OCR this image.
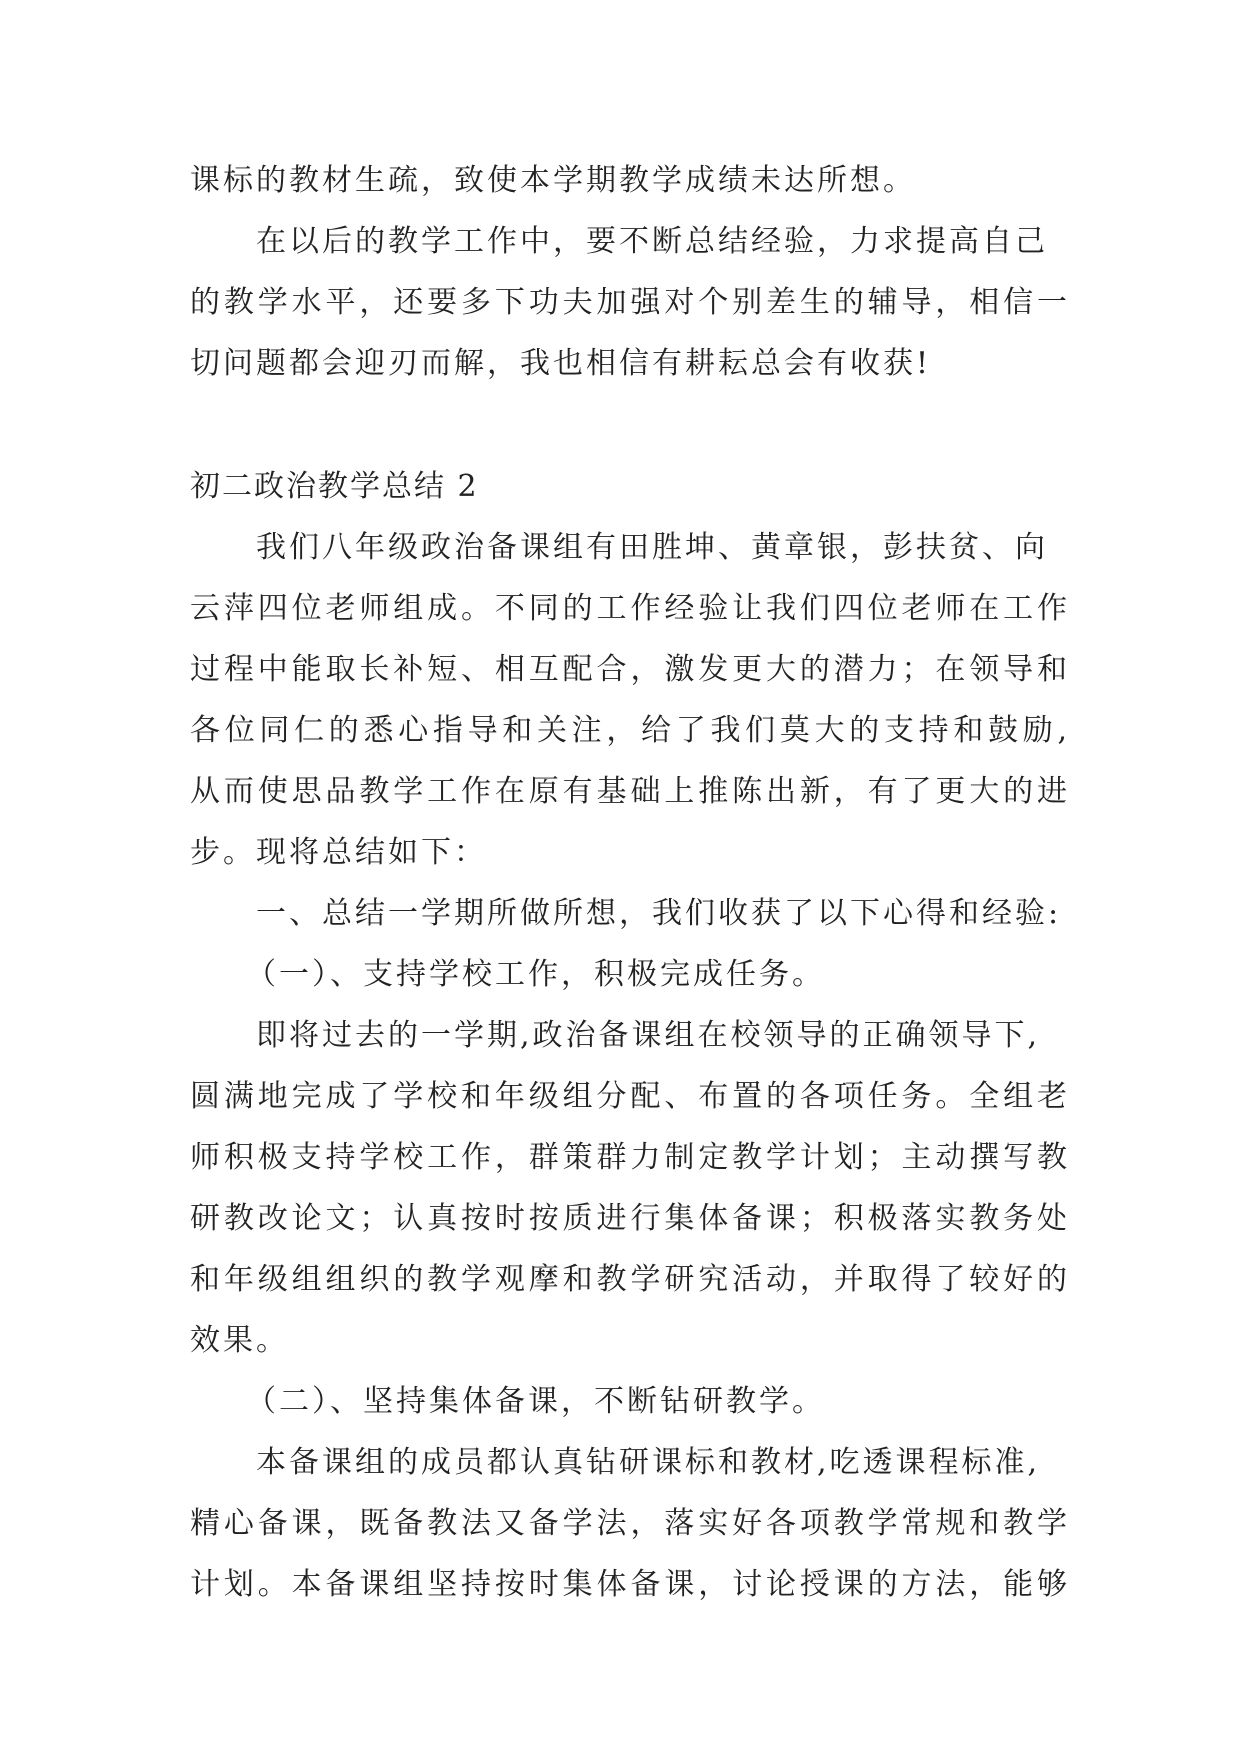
课标的教材生疏，致使本学期教学成绩未达所想。
在以后的教学工作中，要不断总结经验，力求提高自己
的教学水平，还要多下功夫加强对个别差生的辅导，相信一
切问题都会迎刃而解，我也相信有耕耘总会有收获!
初二政治教学总结 2
我们八年级政治备课组有田胜坤、黄章银，彭扶贫、向
云萍四位老师组成。不同的工作经验让我们四位老师在工作
过程中能取长补短、相互配合，激发更大的潜力；在领导和
各位同仁的悉心指导和关注，给了我们莫大的支持和鼓励,
从而使思品教学工作在原有基础上推陈出新，有了更大的进
步。现将总结如下：
一、总结一学期所做所想，我们收获了以下心得和经验:
（一）、支持学校工作，积极完成任务。
即将过去的一学期,政治备课组在校领导的正确领导下,
圆满地完成了学校和年级组分配、布置的各项任务。全组老
师积极支持学校工作，群策群力制定教学计划；主动撰写教
研教改论文；认真按时按质进行集体备课；积极落实教务处
和年级组组织的教学观摩和教学研究活动，并取得了较好的
效果。
（二）、坚持集体备课，不断钻研教学。
本备课组的成员都认真钻研课标和教材,吃透课程标准,
精心备课，既备教法又备学法，落实好各项教学常规和教学
计划。本备课组坚持按时集体备课，讨论授课的方法，能够
